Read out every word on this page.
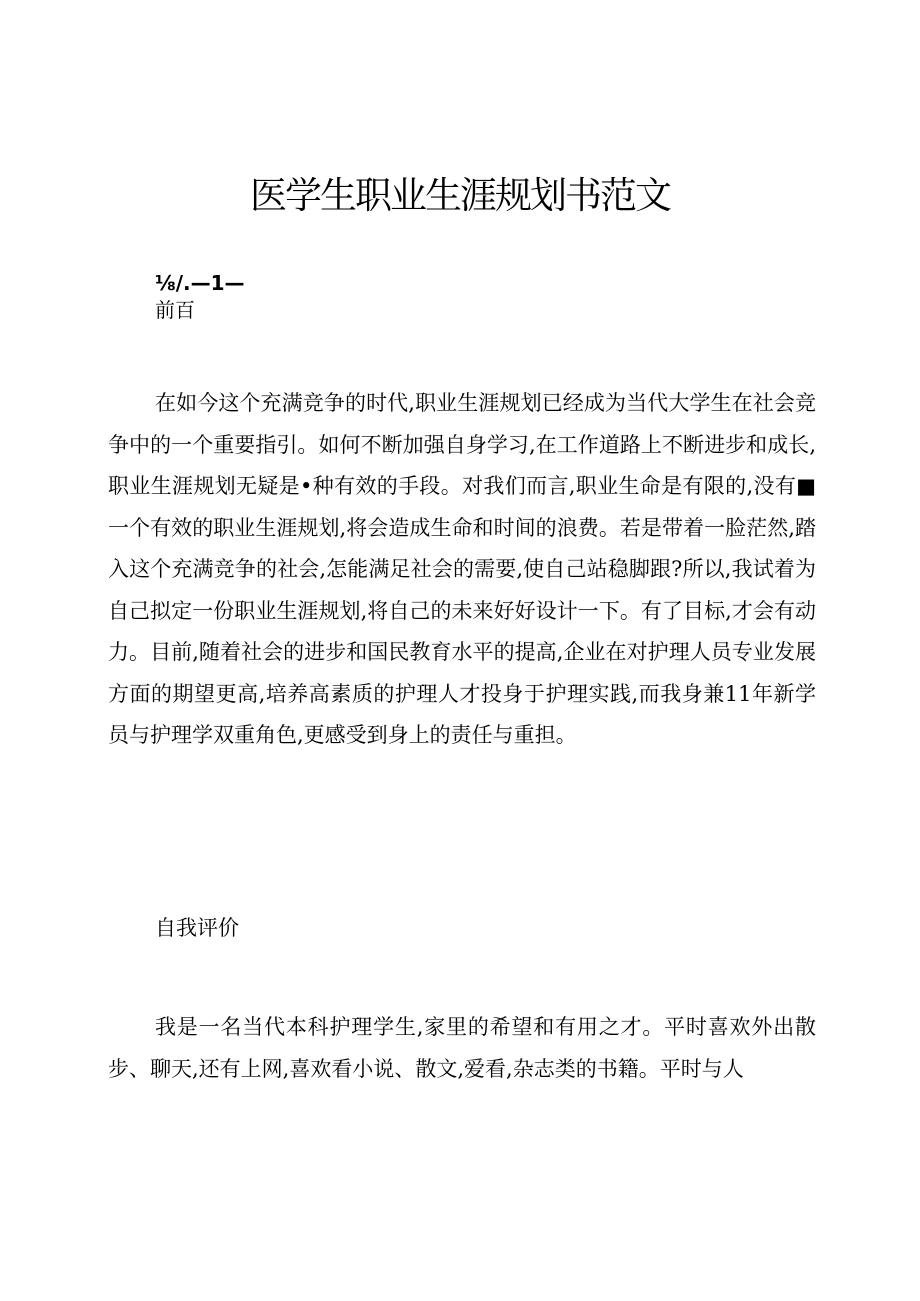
医学生职业生涯规划书范文
⅛/.—1—
前百

在如今这个充满竞争的时代,职业生涯规划已经成为当代大学生在社会竞争中的一个重要指引。如何不断加强自身学习,在工作道路上不断进步和成长,职业生涯规划无疑是•种有效的手段。对我们而言,职业生命是有限的,没有■一个有效的职业生涯规划,将会造成生命和时间的浪费。若是带着一脸茫然,踏入这个充满竞争的社会,怎能满足社会的需要,使自己站稳脚跟?所以,我试着为自己拟定一份职业生涯规划,将自己的未来好好设计一下。有了目标,才会有动力。目前,随着社会的进步和国民教育水平的提高,企业在对护理人员专业发展方面的期望更高,培养高素质的护理人才投身于护理实践,而我身兼11年新学员与护理学双重角色,更感受到身上的责任与重担。

自我评价

我是一名当代本科护理学生,家里的希望和有用之才。平时喜欢外出散步、聊天,还有上网,喜欢看小说、散文,爱看,杂志类的书籍。平时与人
